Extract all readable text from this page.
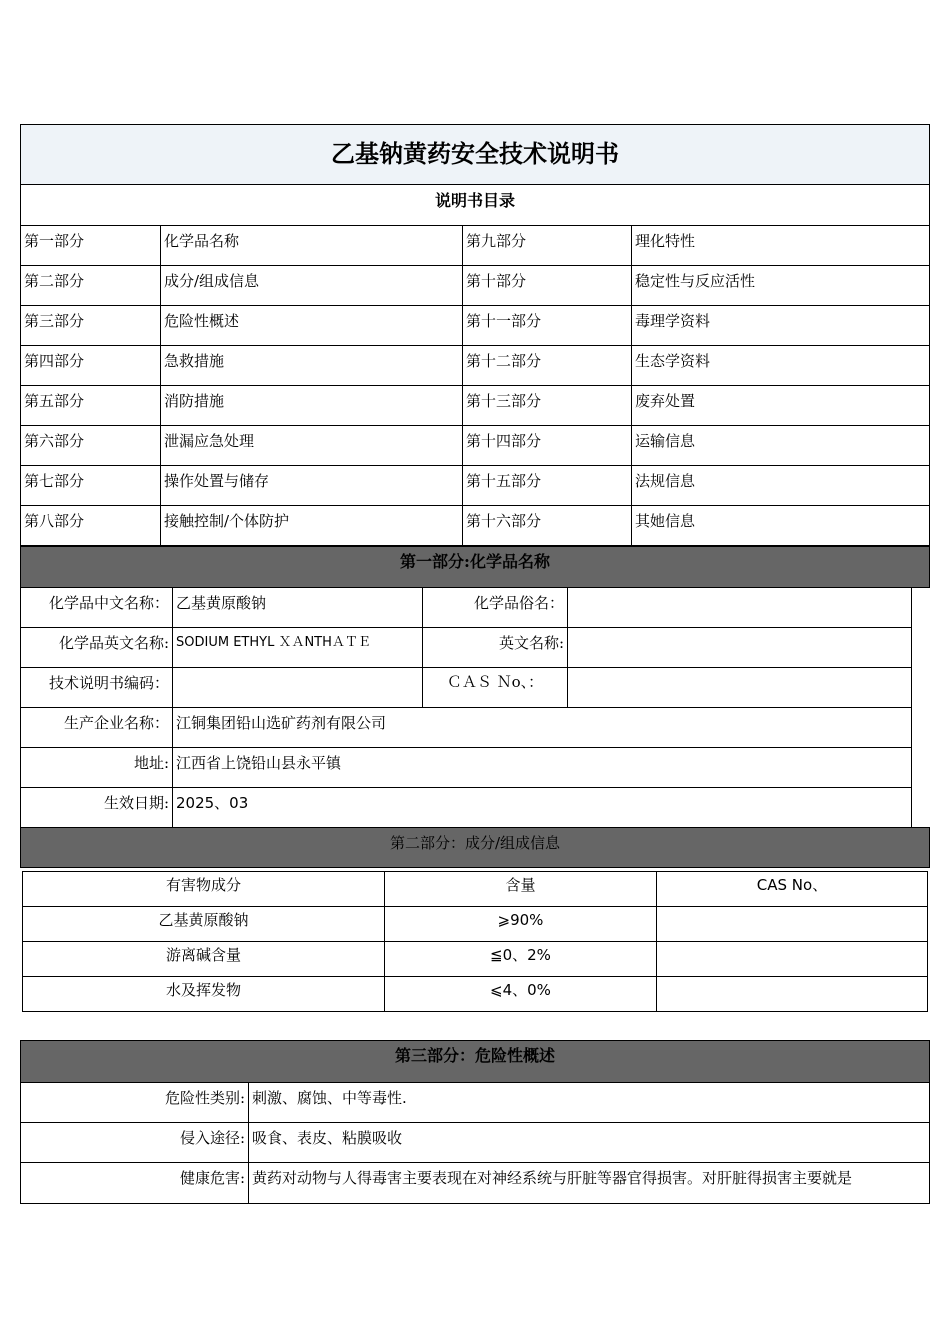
乙基钠黄药安全技术说明书
说明书目录
第一部分	化学品名称	第九部分	理化特性
第二部分	成分/组成信息	第十部分	稳定性与反应活性
第三部分	危险性概述	第十一部分	毒理学资料
第四部分	急救措施	第十二部分	生态学资料
第五部分	消防措施	第十三部分	废弃处置
第六部分	泄漏应急处理	第十四部分	运输信息
第七部分	操作处置与储存	第十五部分	法规信息
第八部分	接触控制/个体防护	第十六部分	其她信息
第一部分:化学品名称
化学品中文名称： 乙基黄原酸钠	化学品俗名：
化学品英文名称: SODIUM ETHYL ＸＡNTHＡＴＥ	英文名称:
技术说明书编码：	ＣＡＳ Ｎo、：
生产企业名称： 江铜集团铅山选矿药剂有限公司
地址: 江西省上饶铅山县永平镇
生效日期: 2025、03
第二部分：成分/组成信息
有害物成分	含量	CAS No、
乙基黄原酸钠	⩾90%
游离碱含量	≦0、2%
水及挥发物	⩽4、0%
第三部分：危险性概述
危险性类别: 刺激、腐蚀、中等毒性.
侵入途径: 吸食、表皮、粘膜吸收
健康危害: 黄药对动物与人得毒害主要表现在对神经系统与肝脏等器官得损害。对肝脏得损害主要就是
